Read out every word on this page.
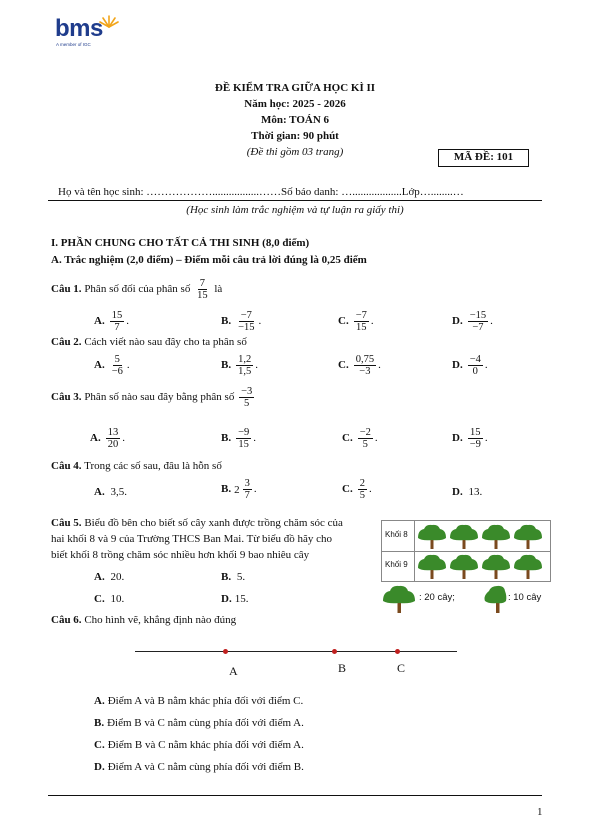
bms
A member of IGC
ĐỀ KIỂM TRA GIỮA HỌC KÌ II
Năm học: 2025 - 2026
Môn: TOÁN 6
Thời gian: 90 phút
(Đề thi gồm 03 trang)	MÃ ĐỀ: 101
Họ và tên học sinh: ……………….................……Số báo danh: …..................Lớp…........…
(Học sinh làm trắc nghiệm và tự luận ra giấy thi)
I. PHẦN CHUNG CHO TẤT CẢ THI SINH (8,0 điểm)
A. Trắc nghiệm (2,0 điểm) – Điểm mỗi câu trả lời đúng là 0,25 điểm
Câu 1. Phân số đối của phân số $\frac{7}{15}$ là
A. $\frac{15}{7}$ .	B. $\frac{-7}{-15}$ .	C. $\frac{-7}{15}$ .	D. $\frac{-15}{-7}$ .
Câu 2. Cách viết nào sau đây cho ta phân số
A. $\frac{5}{-6}$ .	B. $\frac{1,2}{1,5}$ .	C. $\frac{0,75}{-3}$ .	D. $\frac{-4}{0}$ .
Câu 3. Phân số nào sau đây bằng phân số $\frac{-3}{5}$
A. $\frac{13}{20}$ .	B. $\frac{-9}{15}$ .	C. $\frac{-2}{5}$ .	D. $\frac{15}{-9}$ .
Câu 4. Trong các số sau, đâu là hỗn số
A. 3,5.	B. $2 \frac{3}{7}$ .	C. $\frac{2}{5}$ .	D. 13.
Câu 5. Biểu đồ bên cho biết số cây xanh được trồng chăm sóc của
hai khối 8 và 9 của Trường THCS Ban Mai. Từ biểu đồ hãy cho
biết khối 8 trồng chăm sóc nhiều hơn khối 9 bao nhiêu cây
A. 20.	B. 5.
C. 10.	D. 15.
Khối 8
Khối 9
: 20 cây;	: 10 cây
Câu 6. Cho hình vẽ, khẳng định nào đúng
A	B	C
A. Điểm A và B nằm khác phía đối với điểm C.
B. Điểm B và C nằm cùng phía đối với điểm A.
C. Điểm B và C nằm khác phía đối với điểm A.
D. Điểm A và C nằm cùng phía đối với điểm B.
1
